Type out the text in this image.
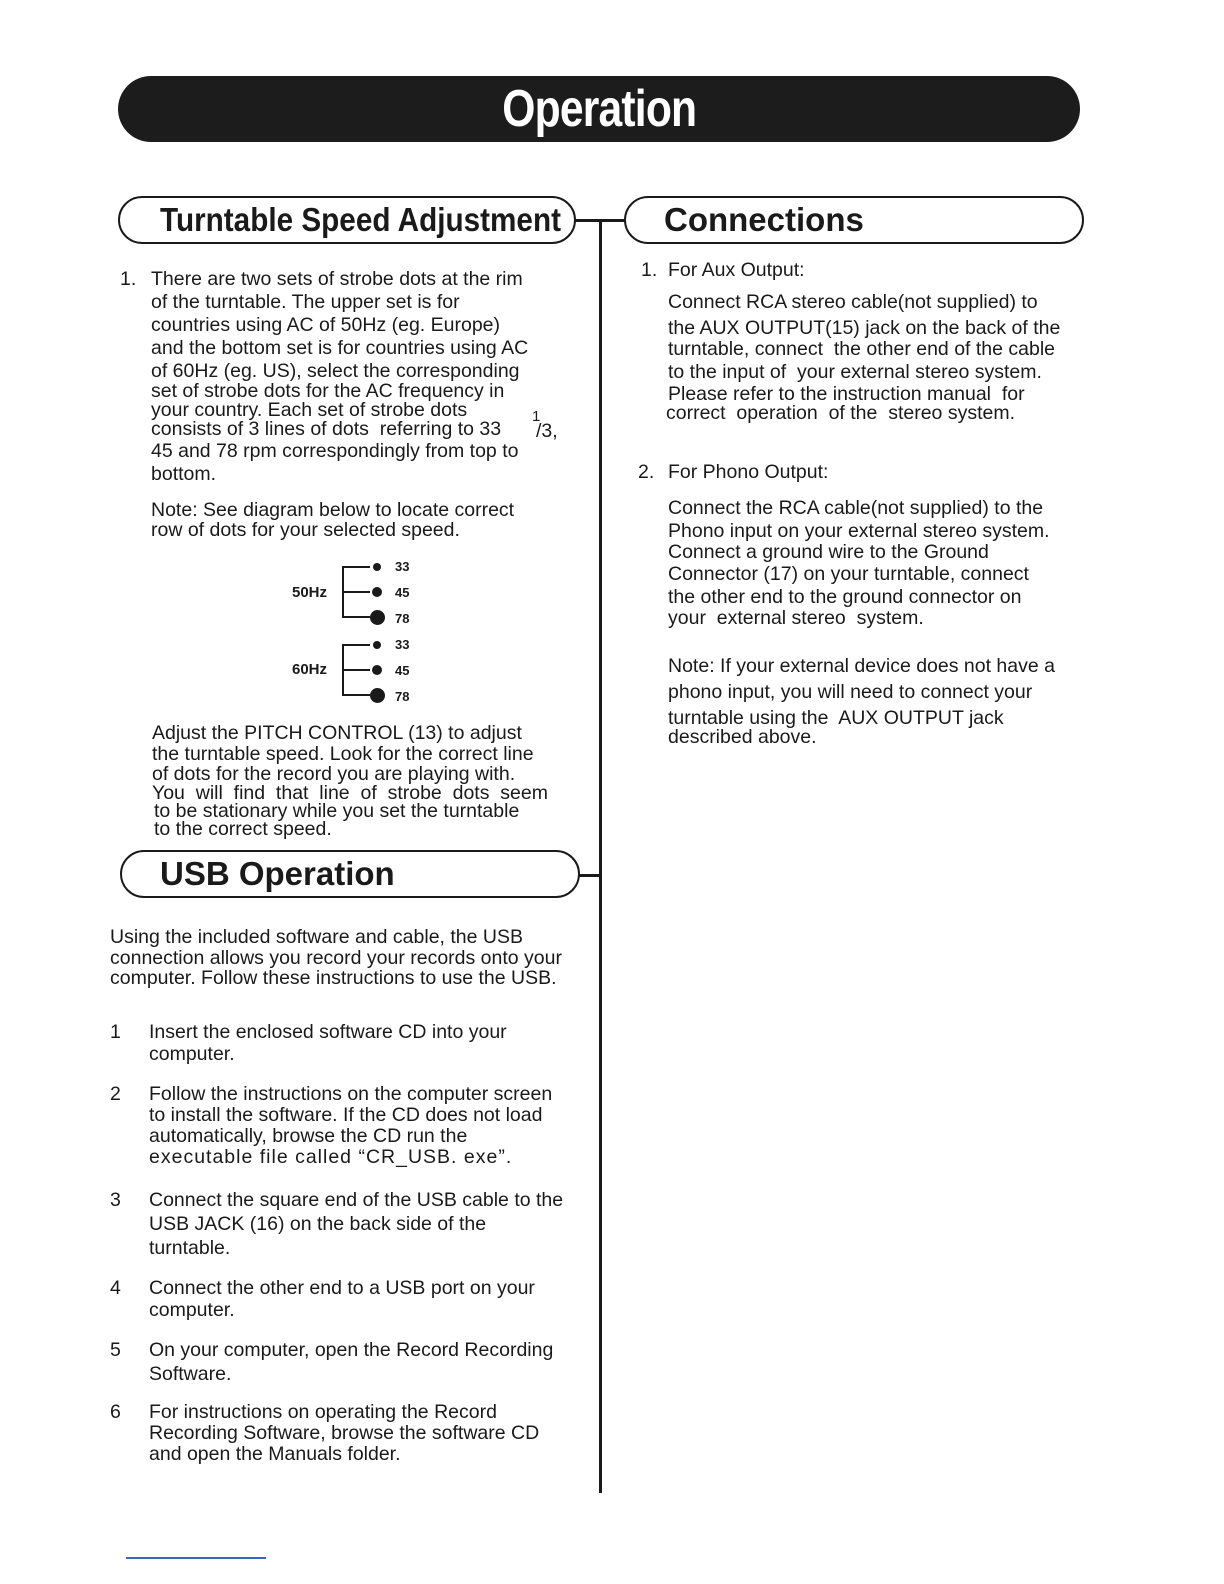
Operation
Turntable Speed Adjustment	Connections
USB Operation
1. There are two sets of strobe dots at the rim
of the turntable. The upper set is for
countries using AC of 50Hz (eg. Europe)
and the bottom set is for countries using AC
of 60Hz (eg. US), select the corresponding
set of strobe dots for the AC frequency in
your country. Each set of strobe dots
consists of 3 lines of dots  referring to 33
1
/3,
45 and 78 rpm correspondingly from top to
bottom.
Note: See diagram below to locate correct
row of dots for your selected speed.
50Hz
33
45
78
60Hz
33
45
78
Adjust the PITCH CONTROL (13) to adjust
the turntable speed. Look for the correct line
of dots for the record you are playing with.
You  will  find  that  line  of  strobe  dots  seem
to be stationary while you set the turntable
to the correct speed.
Using the included software and cable, the USB
connection allows you record your records onto your
computer. Follow these instructions to use the USB.
1 Insert the enclosed software CD into your
computer.
2 Follow the instructions on the computer screen
to install the software. If the CD does not load
automatically, browse the CD run the
executable file called “CR_USB. exe”.
3 Connect the square end of the USB cable to the
USB JACK (16) on the back side of the
turntable.
4 Connect the other end to a USB port on your
computer.
5 On your computer, open the Record Recording
Software.
6 For instructions on operating the Record
Recording Software, browse the software CD
and open the Manuals folder.
1. For Aux Output:
Connect RCA stereo cable(not supplied) to
the AUX OUTPUT(15) jack on the back of the
turntable, connect  the other end of the cable
to the input of  your external stereo system.
Please refer to the instruction manual  for
correct  operation  of the  stereo system.
2. For Phono Output:
Connect the RCA cable(not supplied) to the
Phono input on your external stereo system.
Connect a ground wire to the Ground
Connector (17) on your turntable, connect
the other end to the ground connector on
your  external stereo  system.
Note: If your external device does not have a
phono input, you will need to connect your
turntable using the  AUX OUTPUT jack
described above.
